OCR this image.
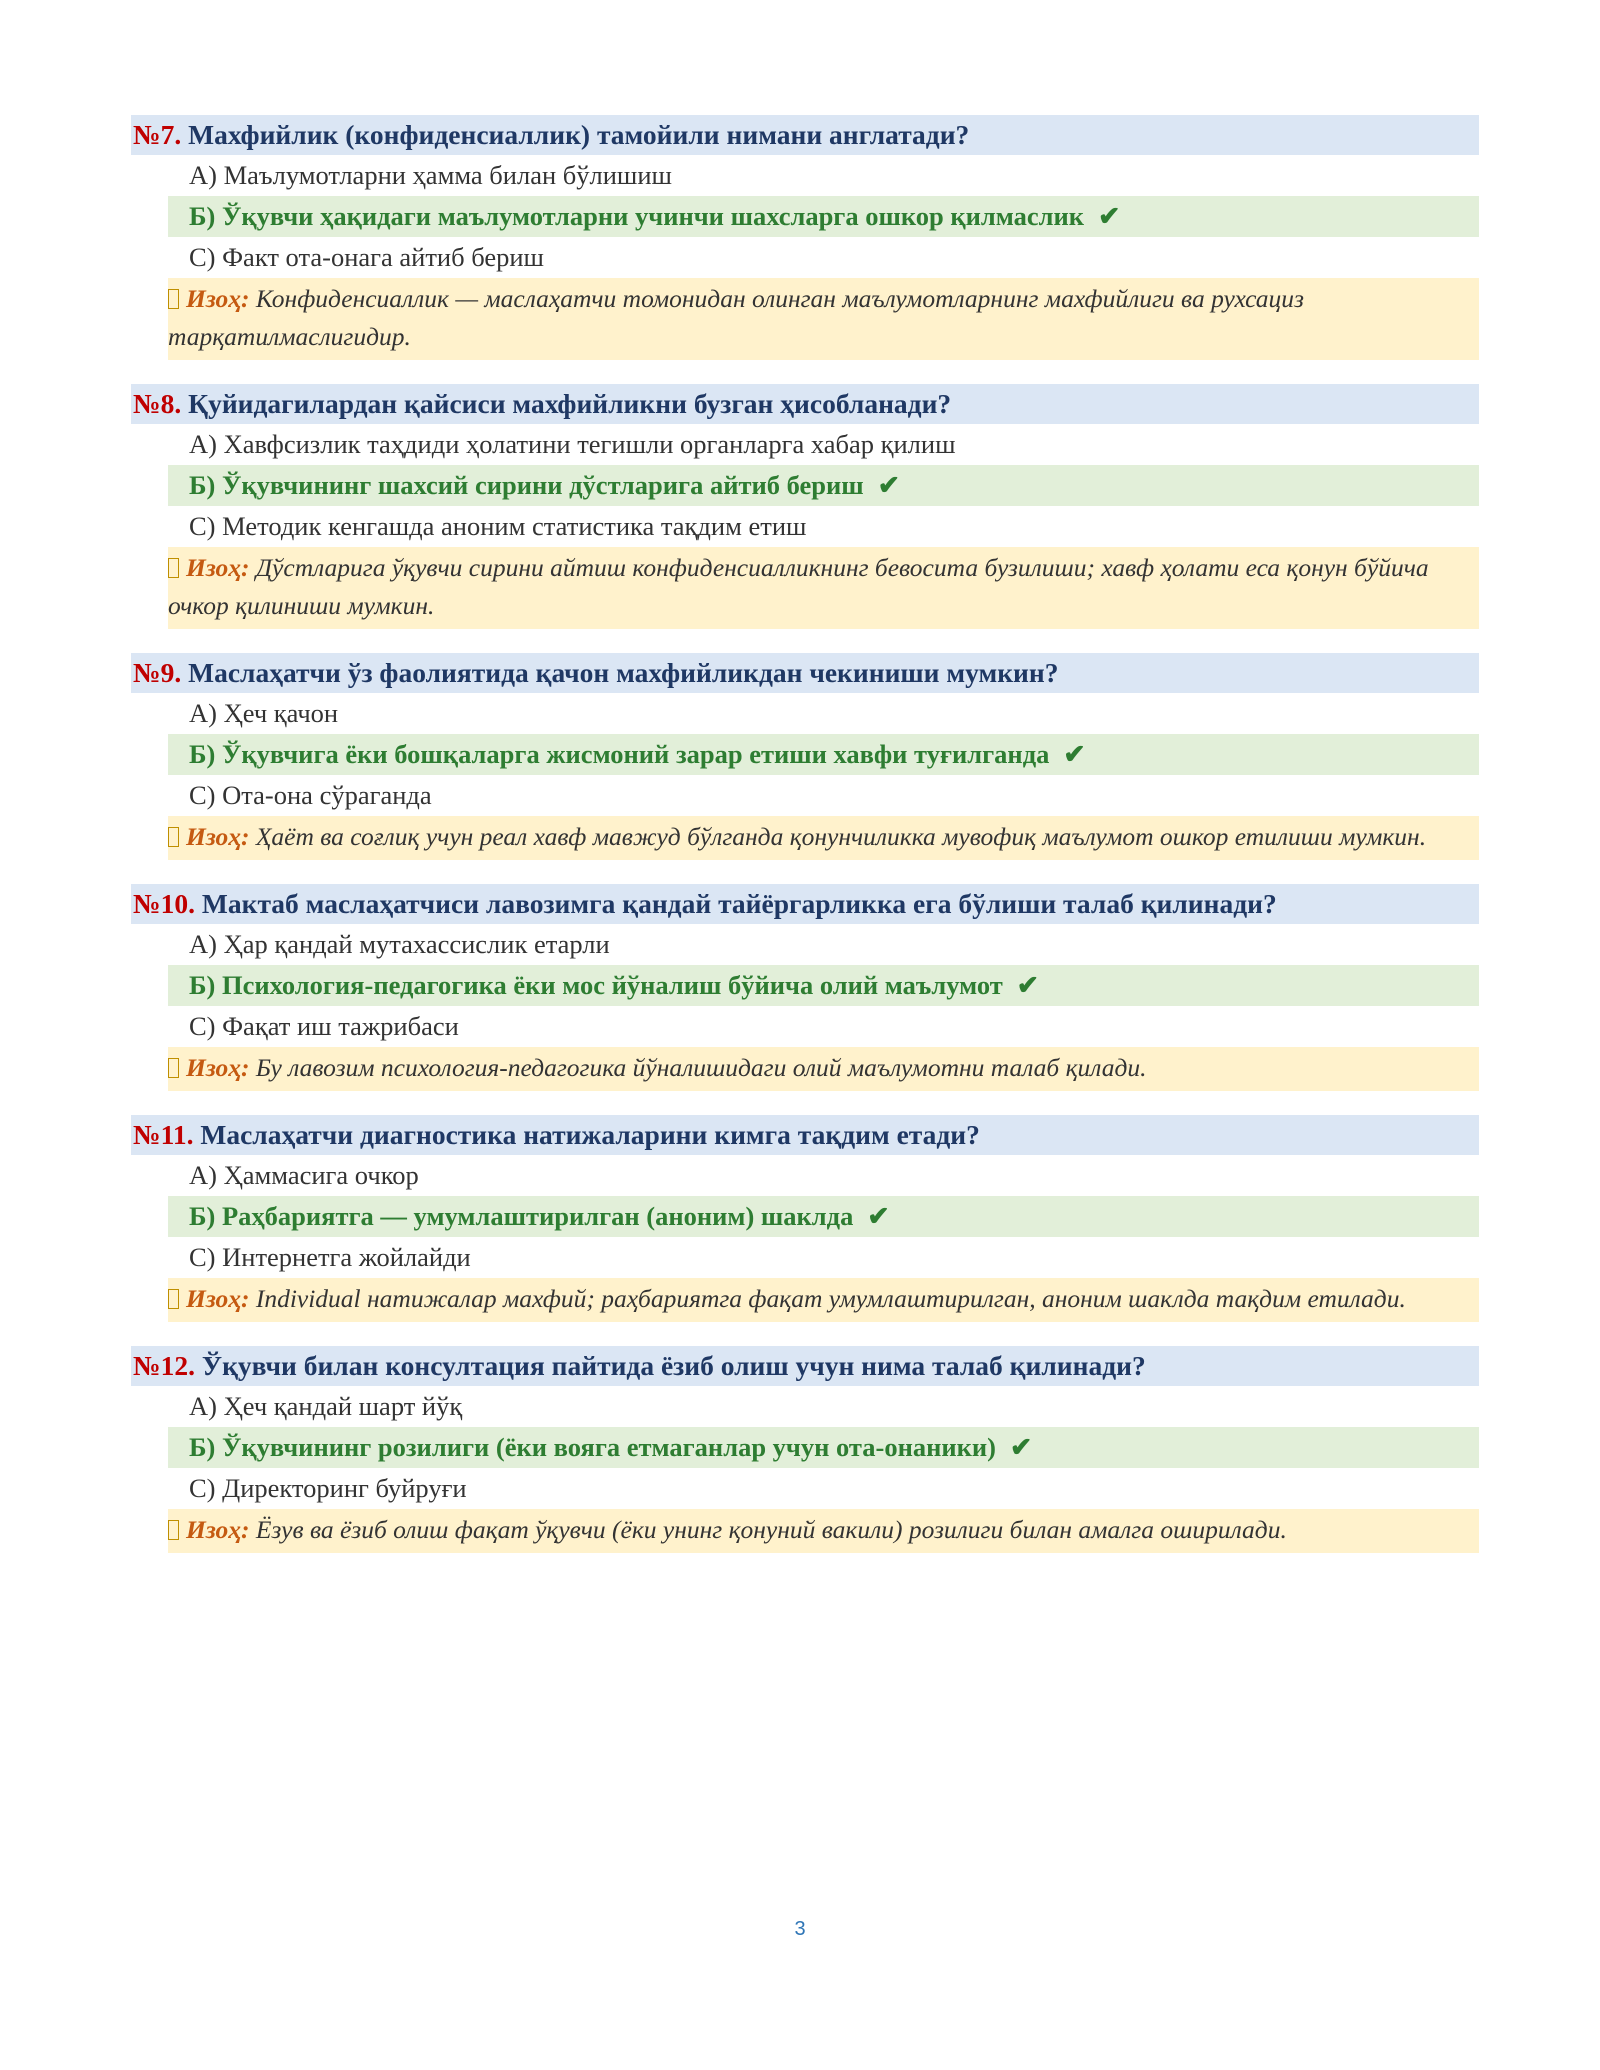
№7. Махфийлик (конфиденсиаллик) тамойили нимани англатади?
А) Маълумотларни ҳамма билан бўлишиш
Б) Ўқувчи ҳақидаги маълумотларни учинчи шахсларга ошкор қилмаслик ✔
С) Факт ота-онага айтиб бериш
Изоҳ: Конфиденсиаллик — маслаҳатчи томонидан олинган маълумотларнинг махфийлиги ва рухсациз тарқатилмаслигидир.
№8. Қуйидагилардан қайсиси махфийликни бузган ҳисобланади?
А) Хавфсизлик таҳдиди ҳолатини тегишли органларга хабар қилиш
Б) Ўқувчининг шахсий сирини дўстларига айтиб бериш ✔
С) Методик кенгашда аноним статистика тақдим етиш
Изоҳ: Дўстларига ўқувчи сирини айтиш конфиденсиалликнинг бевосита бузилиши; хавф ҳолати еса қонун бўйича очкор қилиниши мумкин.
№9. Маслаҳатчи ўз фаолиятида қачон махфийликдан чекиниши мумкин?
А) Ҳеч қачон
Б) Ўқувчига ёки бошқаларга жисмоний зарар етиши хавфи туғилганда ✔
С) Ота-она сўраганда
Изоҳ: Ҳаёт ва соғлиқ учун реал хавф мавжуд бўлганда қонунчиликка мувофиқ маълумот ошкор етилиши мумкин.
№10. Мактаб маслаҳатчиси лавозимга қандай тайёргарликка ега бўлиши талаб қилинади?
А) Ҳар қандай мутахассислик етарли
Б) Психология-педагогика ёки мос йўналиш бўйича олий маълумот ✔
С) Фақат иш тажрибаси
Изоҳ: Бу лавозим психология-педагогика йўналишидаги олий маълумотни талаб қилади.
№11. Маслаҳатчи диагностика натижаларини кимга тақдим етади?
А) Ҳаммасига очкор
Б) Раҳбариятга — умумлаштирилган (аноним) шаклда ✔
С) Интернетга жойлайди
Изоҳ: Individual натижалар махфий; раҳбариятга фақат умумлаштирилган, аноним шаклда тақдим етилади.
№12. Ўқувчи билан консултация пайтида ёзиб олиш учун нима талаб қилинади?
А) Ҳеч қандай шарт йўқ
Б) Ўқувчининг розилиги (ёки вояга етмаганлар учун ота-онаники) ✔
С) Директоринг буйруғи
Изоҳ: Ёзув ва ёзиб олиш фақат ўқувчи (ёки унинг қонуний вакили) розилиги билан амалга оширилади.
3
